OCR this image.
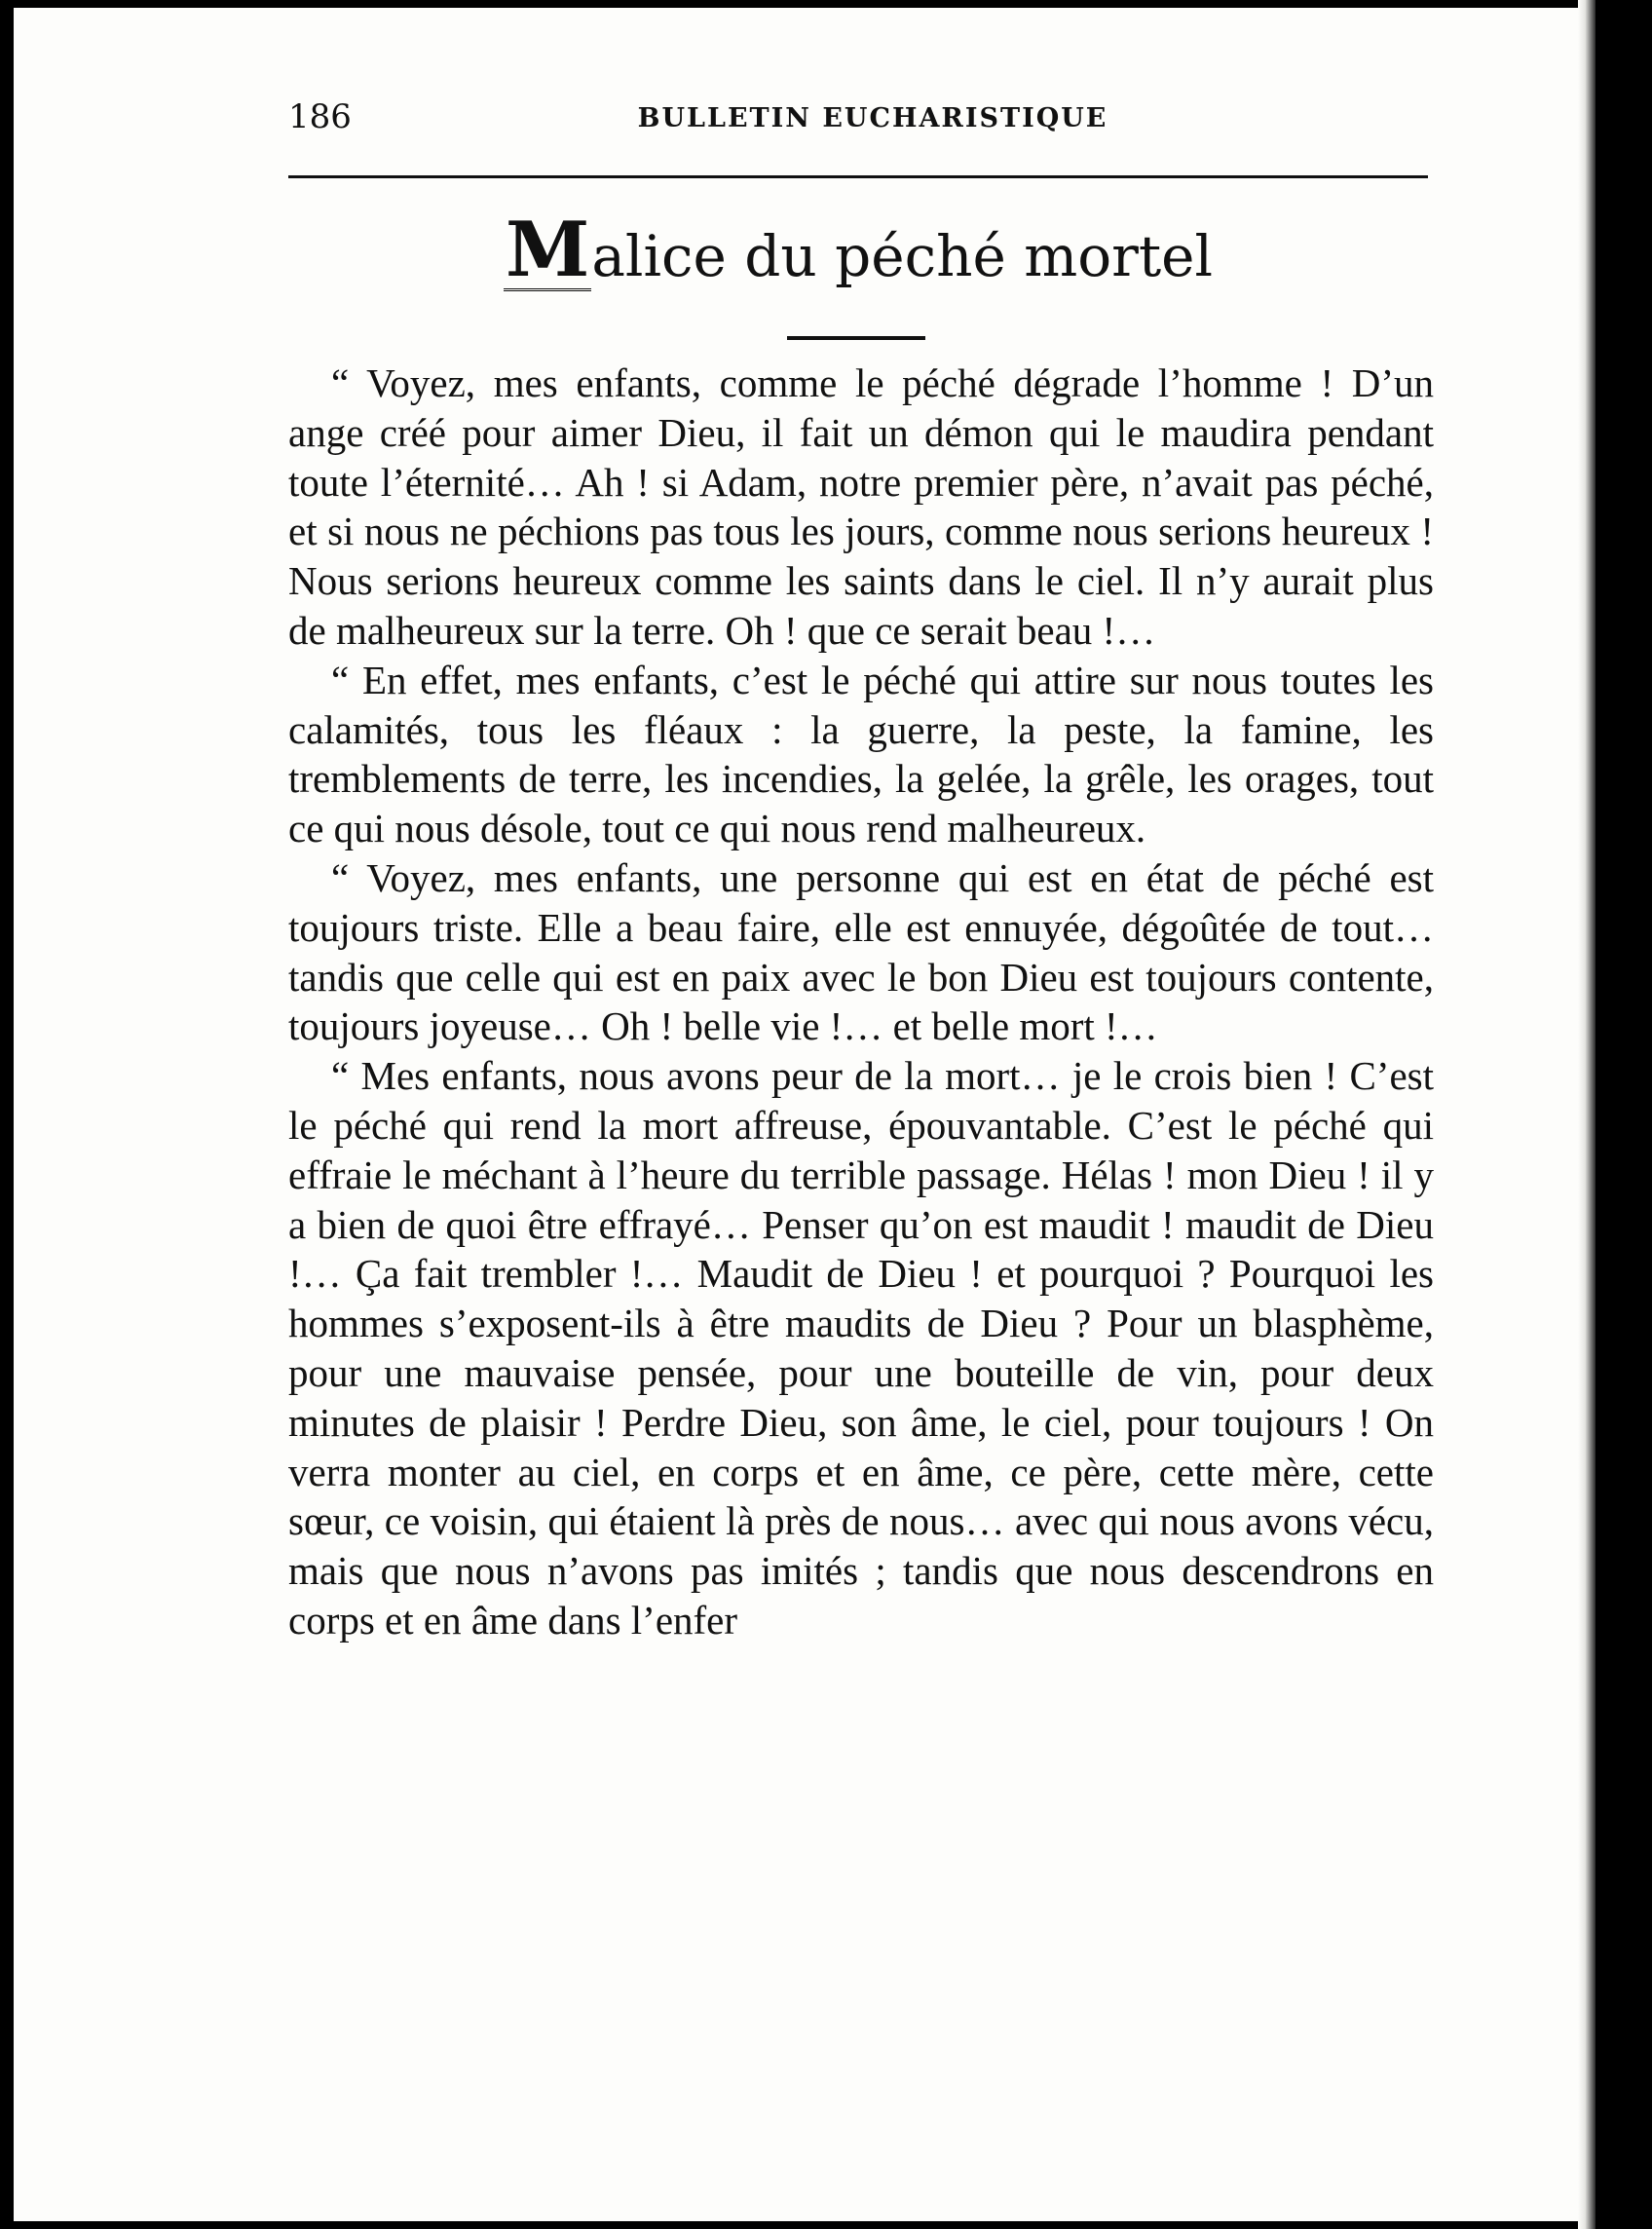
186	BULLETIN EUCHARISTIQUE
Malice du péché mortel

“ Voyez, mes enfants, comme le péché dégrade l’homme ! D’un ange créé pour aimer Dieu, il fait un démon qui le maudira pendant toute l’éternité… Ah ! si Adam, notre premier père, n’avait pas péché, et si nous ne péchions pas tous les jours, comme nous serions heureux ! Nous serions heureux comme les saints dans le ciel. Il n’y aurait plus de malheureux sur la terre. Oh ! que ce serait beau !…

“ En effet, mes enfants, c’est le péché qui attire sur nous toutes les calamités, tous les fléaux : la guerre, la peste, la famine, les tremblements de terre, les incendies, la gelée, la grêle, les orages, tout ce qui nous désole, tout ce qui nous rend malheureux.

“ Voyez, mes enfants, une personne qui est en état de péché est toujours triste. Elle a beau faire, elle est ennuyée, dégoûtée de tout… tandis que celle qui est en paix avec le bon Dieu est toujours contente, toujours joyeuse… Oh ! belle vie !… et belle mort !…

“ Mes enfants, nous avons peur de la mort… je le crois bien ! C’est le péché qui rend la mort affreuse, épouvantable. C’est le péché qui effraie le méchant à l’heure du terrible passage. Hélas ! mon Dieu ! il y a bien de quoi être effrayé… Penser qu’on est maudit ! maudit de Dieu !… Ça fait trembler !… Maudit de Dieu ! et pourquoi ? Pourquoi les hommes s’exposent-ils à être maudits de Dieu ? Pour un blasphème, pour une mauvaise pensée, pour une bouteille de vin, pour deux minutes de plaisir ! Perdre Dieu, son âme, le ciel, pour toujours ! On verra monter au ciel, en corps et en âme, ce père, cette mère, cette sœur, ce voisin, qui étaient là près de nous… avec qui nous avons vécu, mais que nous n’avons pas imités ; tandis que nous descendrons en corps et en âme dans l’enfer
